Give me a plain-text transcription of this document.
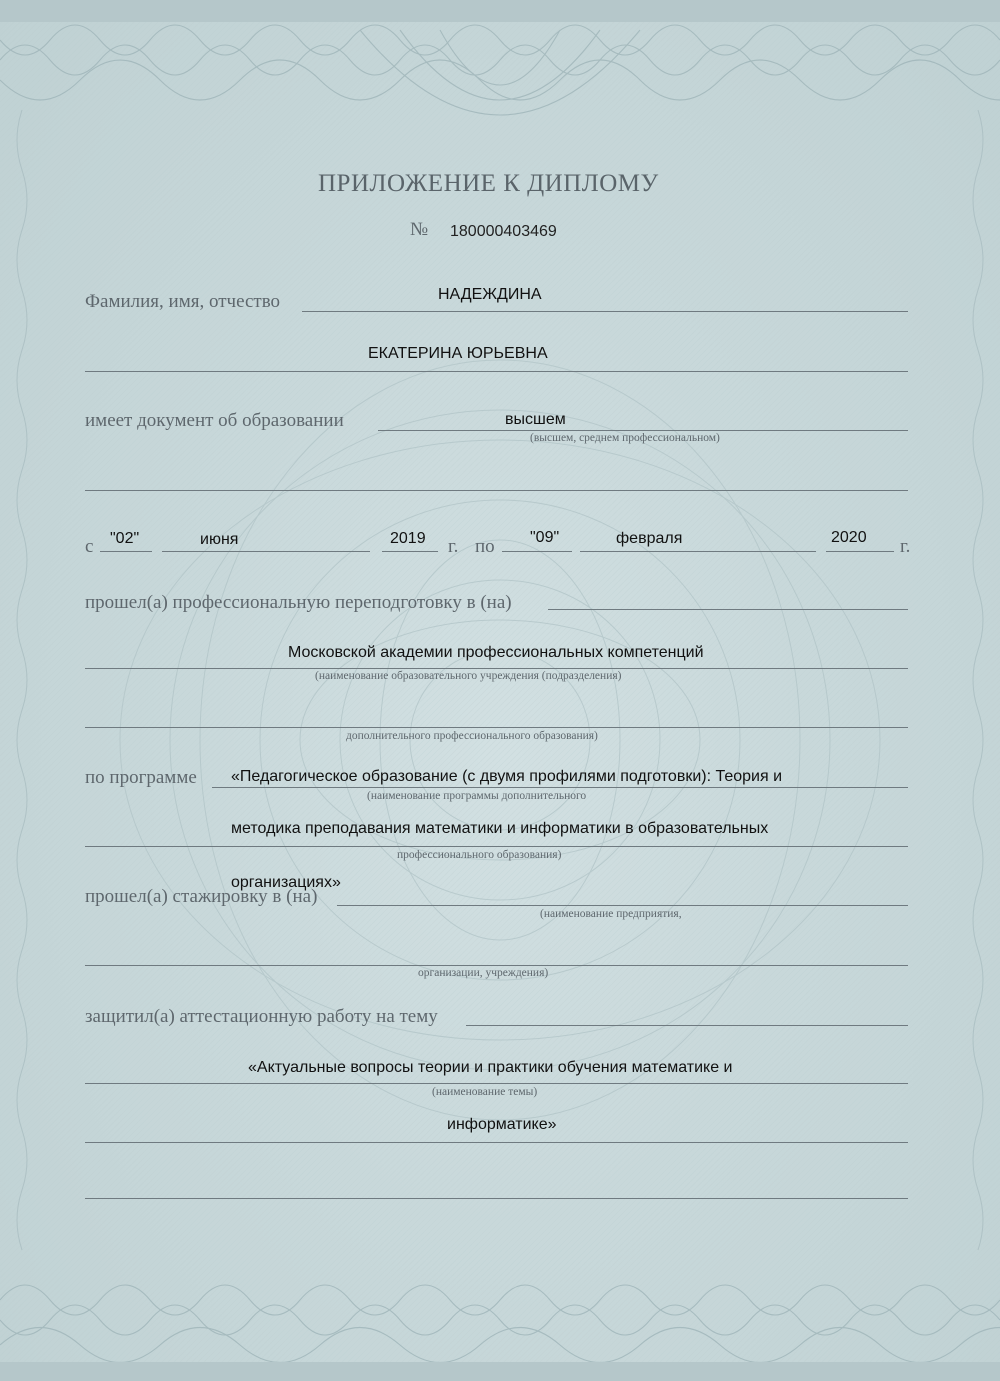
ПРИЛОЖЕНИЕ К ДИПЛОМУ
№ 180000403469
Фамилия, имя, отчество	НАДЕЖДИНА
ЕКАТЕРИНА ЮРЬЕВНА
имеет документ об образовании	высшем
(высшем, среднем профессиональном)
с "02"	июня	2019 г. по "09"	февраля	2020 г.
прошел(а) профессиональную переподготовку в (на)
Московской академии профессиональных компетенций
(наименование образовательного учреждения (подразделения)
дополнительного профессионального образования)
по программе «Педагогическое образование (с двумя профилями подготовки): Теория и
(наименование программы дополнительного
методика преподавания математики и информатики в образовательных
профессионального образования)
организациях»
прошел(а) стажировку в (на)
(наименование предприятия,
организации, учреждения)
защитил(а) аттестационную работу на тему
«Актуальные вопросы теории и практики обучения математике и
(наименование темы)
информатике»
